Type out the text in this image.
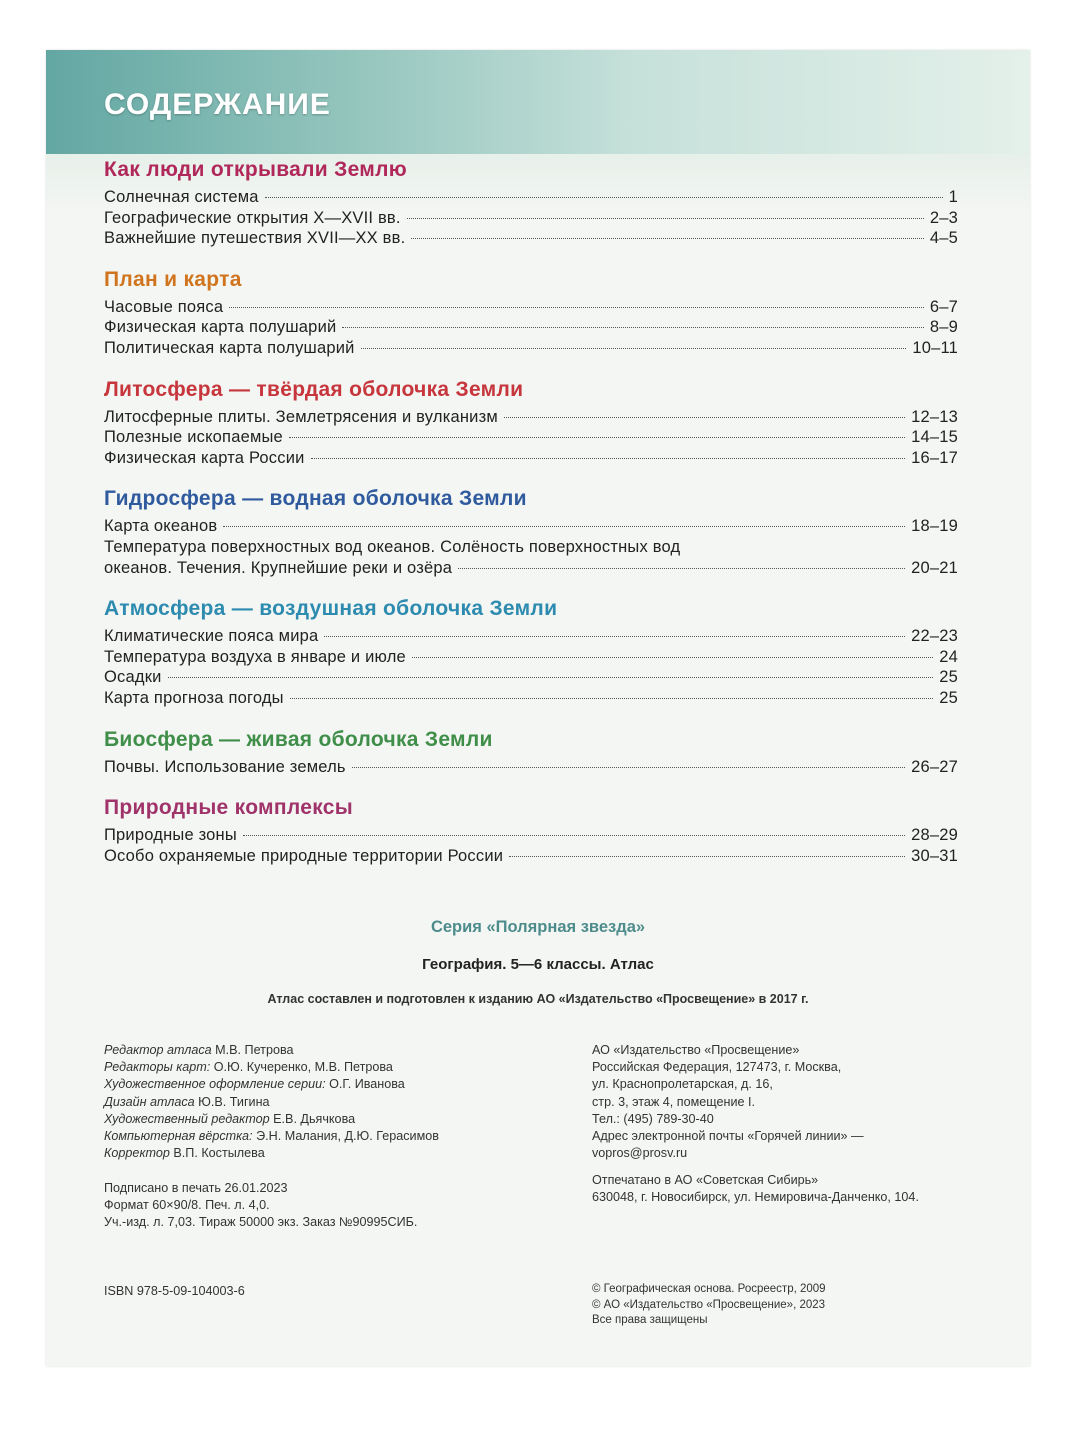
СОДЕРЖАНИЕ
Как люди открывали Землю
Солнечная система	1
Географические открытия X—XVII вв.	2–3
Важнейшие путешествия XVII—XX вв.	4–5
План и карта
Часовые пояса	6–7
Физическая карта полушарий	8–9
Политическая карта полушарий	10–11
Литосфера — твёрдая оболочка Земли
Литосферные плиты. Землетрясения и вулканизм	12–13
Полезные ископаемые	14–15
Физическая карта России	16–17
Гидросфера — водная оболочка Земли
Карта океанов	18–19
Температура поверхностных вод океанов. Солёность поверхностных вод
океанов. Течения. Крупнейшие реки и озёра	20–21
Атмосфера — воздушная оболочка Земли
Климатические пояса мира	22–23
Температура воздуха в январе и июле	24
Осадки	25
Карта прогноза погоды	25
Биосфера — живая оболочка Земли
Почвы. Использование земель	26–27
Природные комплексы
Природные зоны	28–29
Особо охраняемые природные территории России	30–31
Серия «Полярная звезда»
География. 5—6 классы. Атлас
Атлас составлен и подготовлен к изданию АО «Издательство «Просвещение» в 2017 г.
Редактор атласа М.В. Петрова
Редакторы карт: О.Ю. Кучеренко, М.В. Петрова
Художественное оформление серии: О.Г. Иванова
Дизайн атласа Ю.В. Тигина
Художественный редактор Е.В. Дьячкова
Компьютерная вёрстка: Э.Н. Малания, Д.Ю. Герасимов
Корректор В.П. Костылева
Подписано в печать 26.01.2023
Формат 60×90/8. Печ. л. 4,0.
Уч.-изд. л. 7,03. Тираж 50000 экз. Заказ №90995СИБ.
ISBN 978-5-09-104003-6
АО «Издательство «Просвещение»
Российская Федерация, 127473, г. Москва,
ул. Краснопролетарская, д. 16,
стр. 3, этаж 4, помещение I.
Тел.: (495) 789-30-40
Адрес электронной почты «Горячей линии» —
vopros@prosv.ru
Отпечатано в АО «Советская Сибирь»
630048, г. Новосибирск, ул. Немировича-Данченко, 104.
© Географическая основа. Росреестр, 2009
© АО «Издательство «Просвещение», 2023
Все права защищены
